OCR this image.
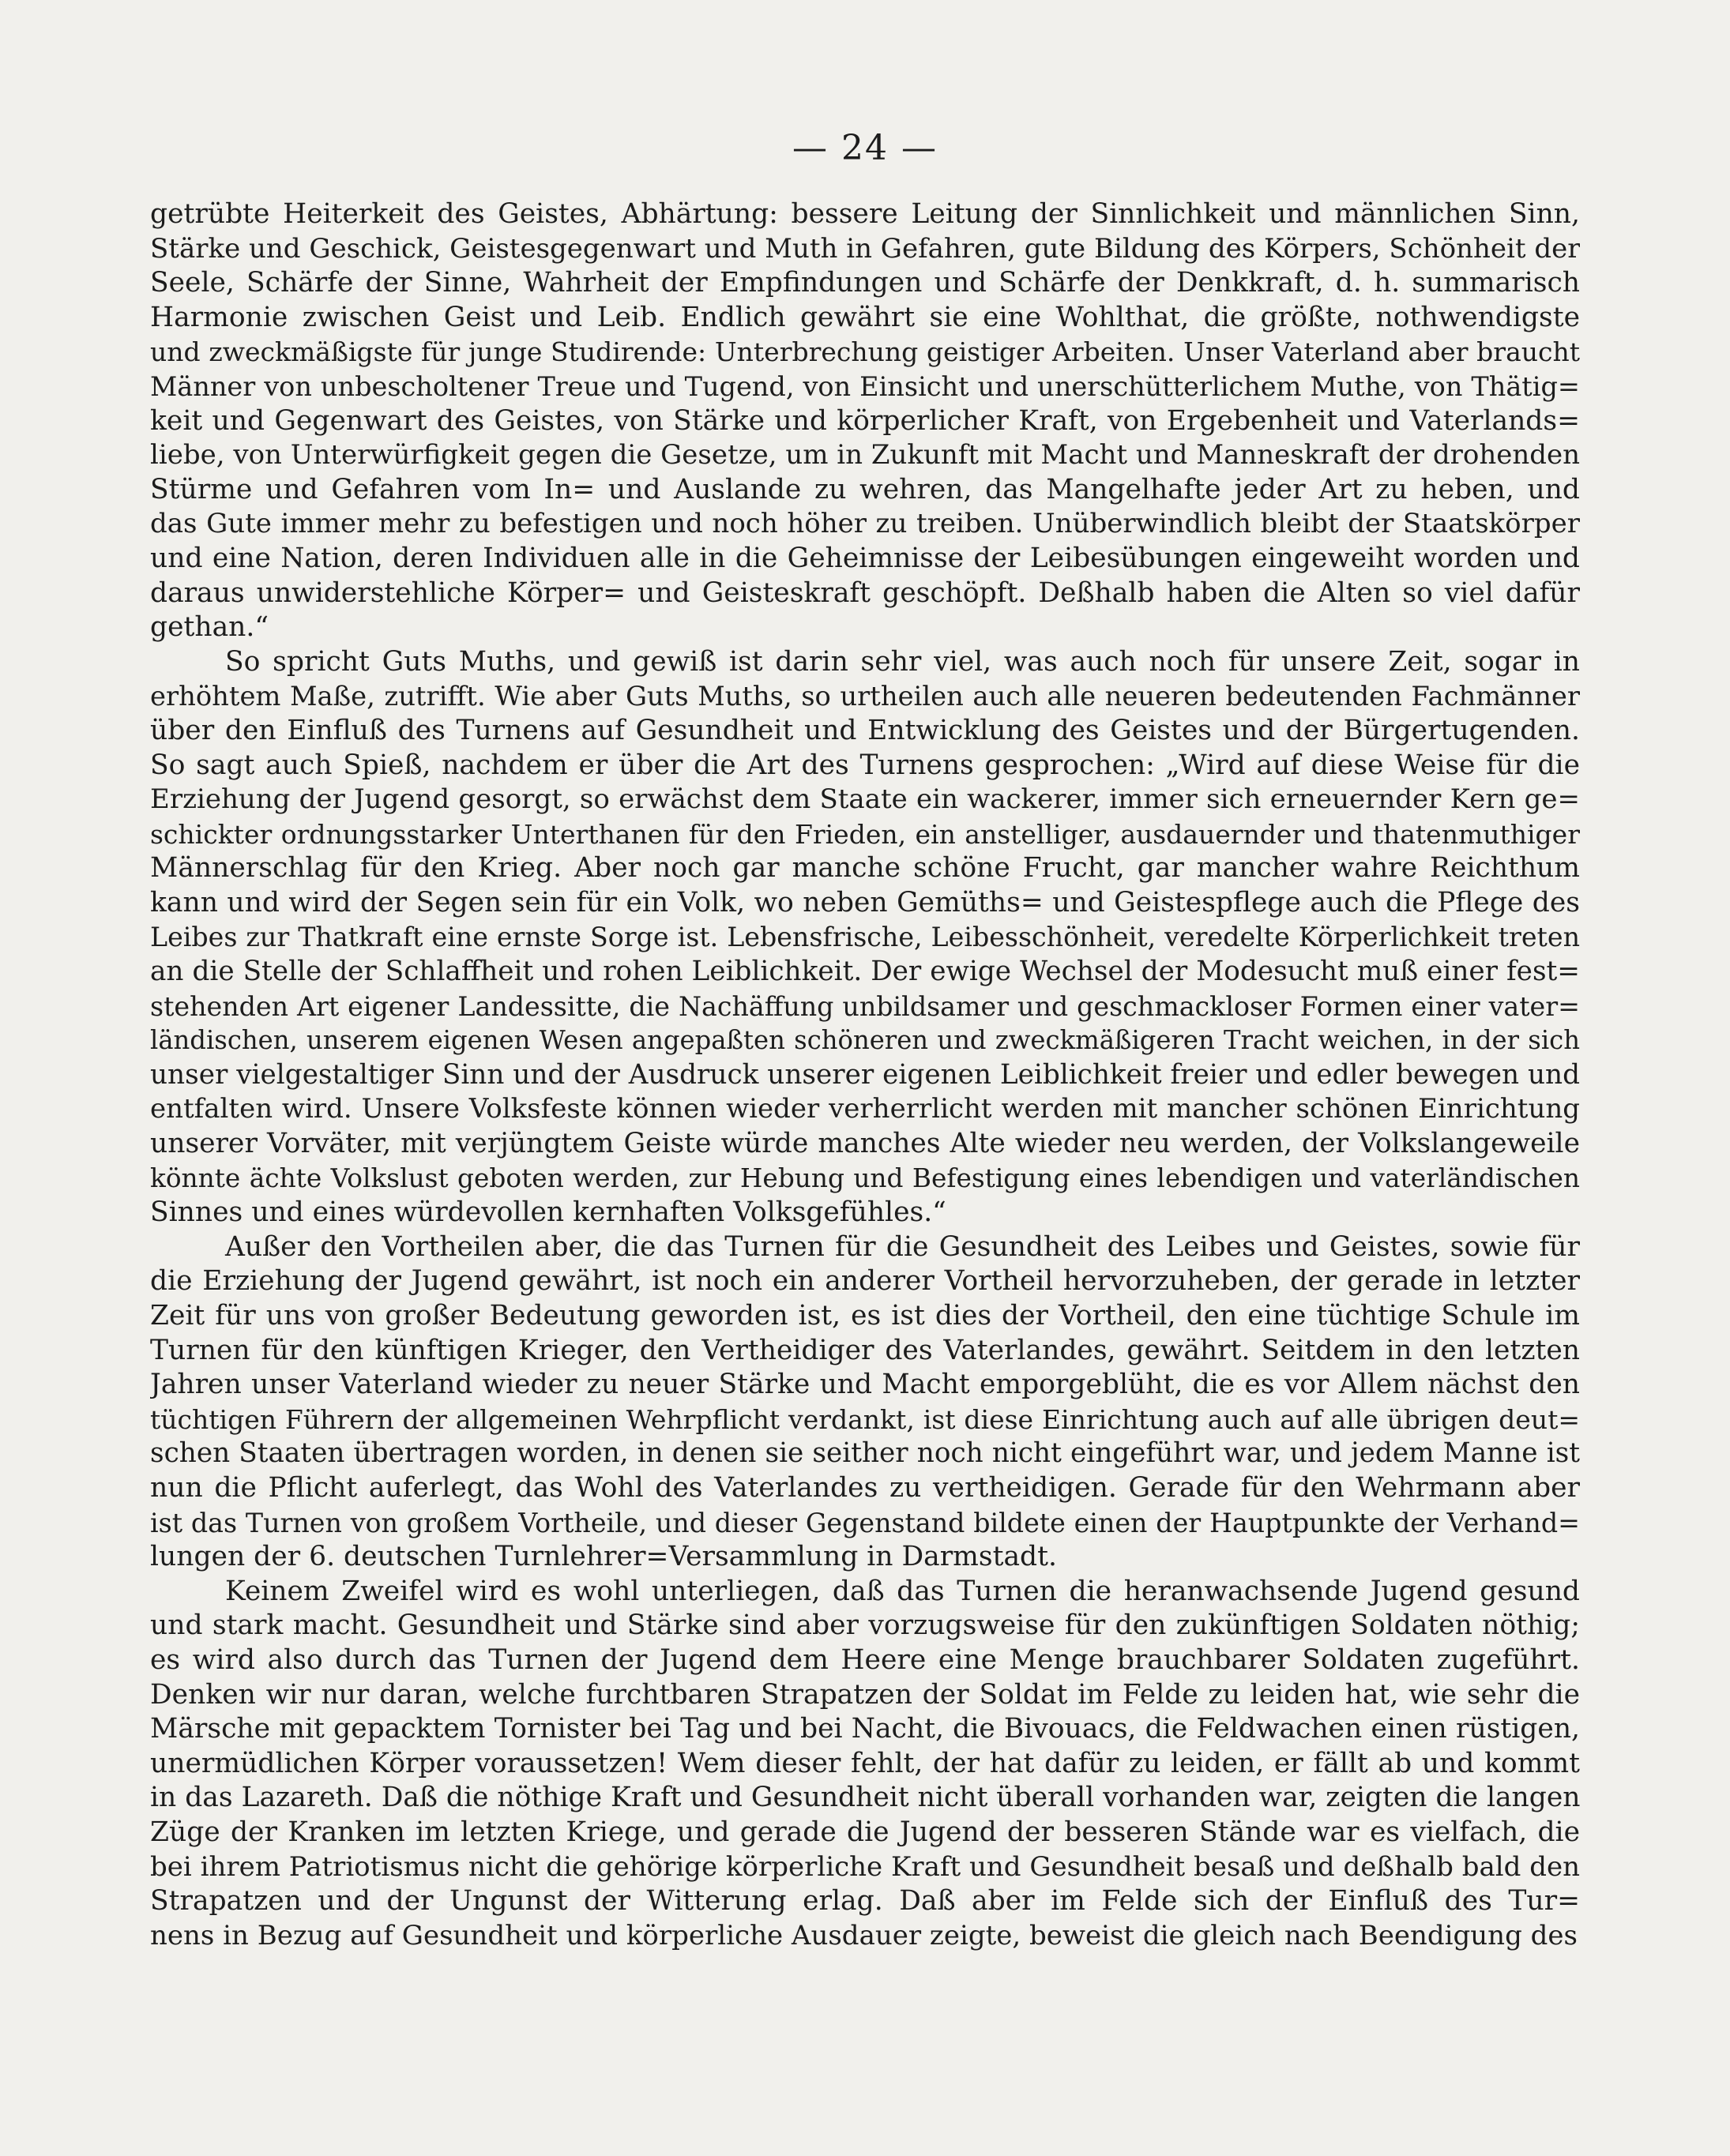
— 24 —
getrübte Heiterkeit des Geistes, Abhärtung: bessere Leitung der Sinnlichkeit und männlichen Sinn,
Stärke und Geschick, Geistesgegenwart und Muth in Gefahren, gute Bildung des Körpers, Schönheit der
Seele, Schärfe der Sinne, Wahrheit der Empfindungen und Schärfe der Denkkraft, d. h. summarisch
Harmonie zwischen Geist und Leib. Endlich gewährt sie eine Wohlthat, die größte, nothwendigste
und zweckmäßigste für junge Studirende: Unterbrechung geistiger Arbeiten. Unser Vaterland aber braucht
Männer von unbescholtener Treue und Tugend, von Einsicht und unerschütterlichem Muthe, von Thätig=
keit und Gegenwart des Geistes, von Stärke und körperlicher Kraft, von Ergebenheit und Vaterlands=
liebe, von Unterwürfigkeit gegen die Gesetze, um in Zukunft mit Macht und Manneskraft der drohenden
Stürme und Gefahren vom In= und Auslande zu wehren, das Mangelhafte jeder Art zu heben, und
das Gute immer mehr zu befestigen und noch höher zu treiben. Unüberwindlich bleibt der Staatskörper
und eine Nation, deren Individuen alle in die Geheimnisse der Leibesübungen eingeweiht worden und
daraus unwiderstehliche Körper= und Geisteskraft geschöpft. Deßhalb haben die Alten so viel dafür
gethan.“
So spricht Guts Muths, und gewiß ist darin sehr viel, was auch noch für unsere Zeit, sogar in
erhöhtem Maße, zutrifft. Wie aber Guts Muths, so urtheilen auch alle neueren bedeutenden Fachmänner
über den Einfluß des Turnens auf Gesundheit und Entwicklung des Geistes und der Bürgertugenden.
So sagt auch Spieß, nachdem er über die Art des Turnens gesprochen: „Wird auf diese Weise für die
Erziehung der Jugend gesorgt, so erwächst dem Staate ein wackerer, immer sich erneuernder Kern ge=
schickter ordnungsstarker Unterthanen für den Frieden, ein anstelliger, ausdauernder und thatenmuthiger
Männerschlag für den Krieg. Aber noch gar manche schöne Frucht, gar mancher wahre Reichthum
kann und wird der Segen sein für ein Volk, wo neben Gemüths= und Geistespflege auch die Pflege des
Leibes zur Thatkraft eine ernste Sorge ist. Lebensfrische, Leibesschönheit, veredelte Körperlichkeit treten
an die Stelle der Schlaffheit und rohen Leiblichkeit. Der ewige Wechsel der Modesucht muß einer fest=
stehenden Art eigener Landessitte, die Nachäffung unbildsamer und geschmackloser Formen einer vater=
ländischen, unserem eigenen Wesen angepaßten schöneren und zweckmäßigeren Tracht weichen, in der sich
unser vielgestaltiger Sinn und der Ausdruck unserer eigenen Leiblichkeit freier und edler bewegen und
entfalten wird. Unsere Volksfeste können wieder verherrlicht werden mit mancher schönen Einrichtung
unserer Vorväter, mit verjüngtem Geiste würde manches Alte wieder neu werden, der Volkslangeweile
könnte ächte Volkslust geboten werden, zur Hebung und Befestigung eines lebendigen und vaterländischen
Sinnes und eines würdevollen kernhaften Volksgefühles.“
Außer den Vortheilen aber, die das Turnen für die Gesundheit des Leibes und Geistes, sowie für
die Erziehung der Jugend gewährt, ist noch ein anderer Vortheil hervorzuheben, der gerade in letzter
Zeit für uns von großer Bedeutung geworden ist, es ist dies der Vortheil, den eine tüchtige Schule im
Turnen für den künftigen Krieger, den Vertheidiger des Vaterlandes, gewährt. Seitdem in den letzten
Jahren unser Vaterland wieder zu neuer Stärke und Macht emporgeblüht, die es vor Allem nächst den
tüchtigen Führern der allgemeinen Wehrpflicht verdankt, ist diese Einrichtung auch auf alle übrigen deut=
schen Staaten übertragen worden, in denen sie seither noch nicht eingeführt war, und jedem Manne ist
nun die Pflicht auferlegt, das Wohl des Vaterlandes zu vertheidigen. Gerade für den Wehrmann aber
ist das Turnen von großem Vortheile, und dieser Gegenstand bildete einen der Hauptpunkte der Verhand=
lungen der 6. deutschen Turnlehrer=Versammlung in Darmstadt.
Keinem Zweifel wird es wohl unterliegen, daß das Turnen die heranwachsende Jugend gesund
und stark macht. Gesundheit und Stärke sind aber vorzugsweise für den zukünftigen Soldaten nöthig;
es wird also durch das Turnen der Jugend dem Heere eine Menge brauchbarer Soldaten zugeführt.
Denken wir nur daran, welche furchtbaren Strapatzen der Soldat im Felde zu leiden hat, wie sehr die
Märsche mit gepacktem Tornister bei Tag und bei Nacht, die Bivouacs, die Feldwachen einen rüstigen,
unermüdlichen Körper voraussetzen! Wem dieser fehlt, der hat dafür zu leiden, er fällt ab und kommt
in das Lazareth. Daß die nöthige Kraft und Gesundheit nicht überall vorhanden war, zeigten die langen
Züge der Kranken im letzten Kriege, und gerade die Jugend der besseren Stände war es vielfach, die
bei ihrem Patriotismus nicht die gehörige körperliche Kraft und Gesundheit besaß und deßhalb bald den
Strapatzen und der Ungunst der Witterung erlag. Daß aber im Felde sich der Einfluß des Tur=
nens in Bezug auf Gesundheit und körperliche Ausdauer zeigte, beweist die gleich nach Beendigung des
